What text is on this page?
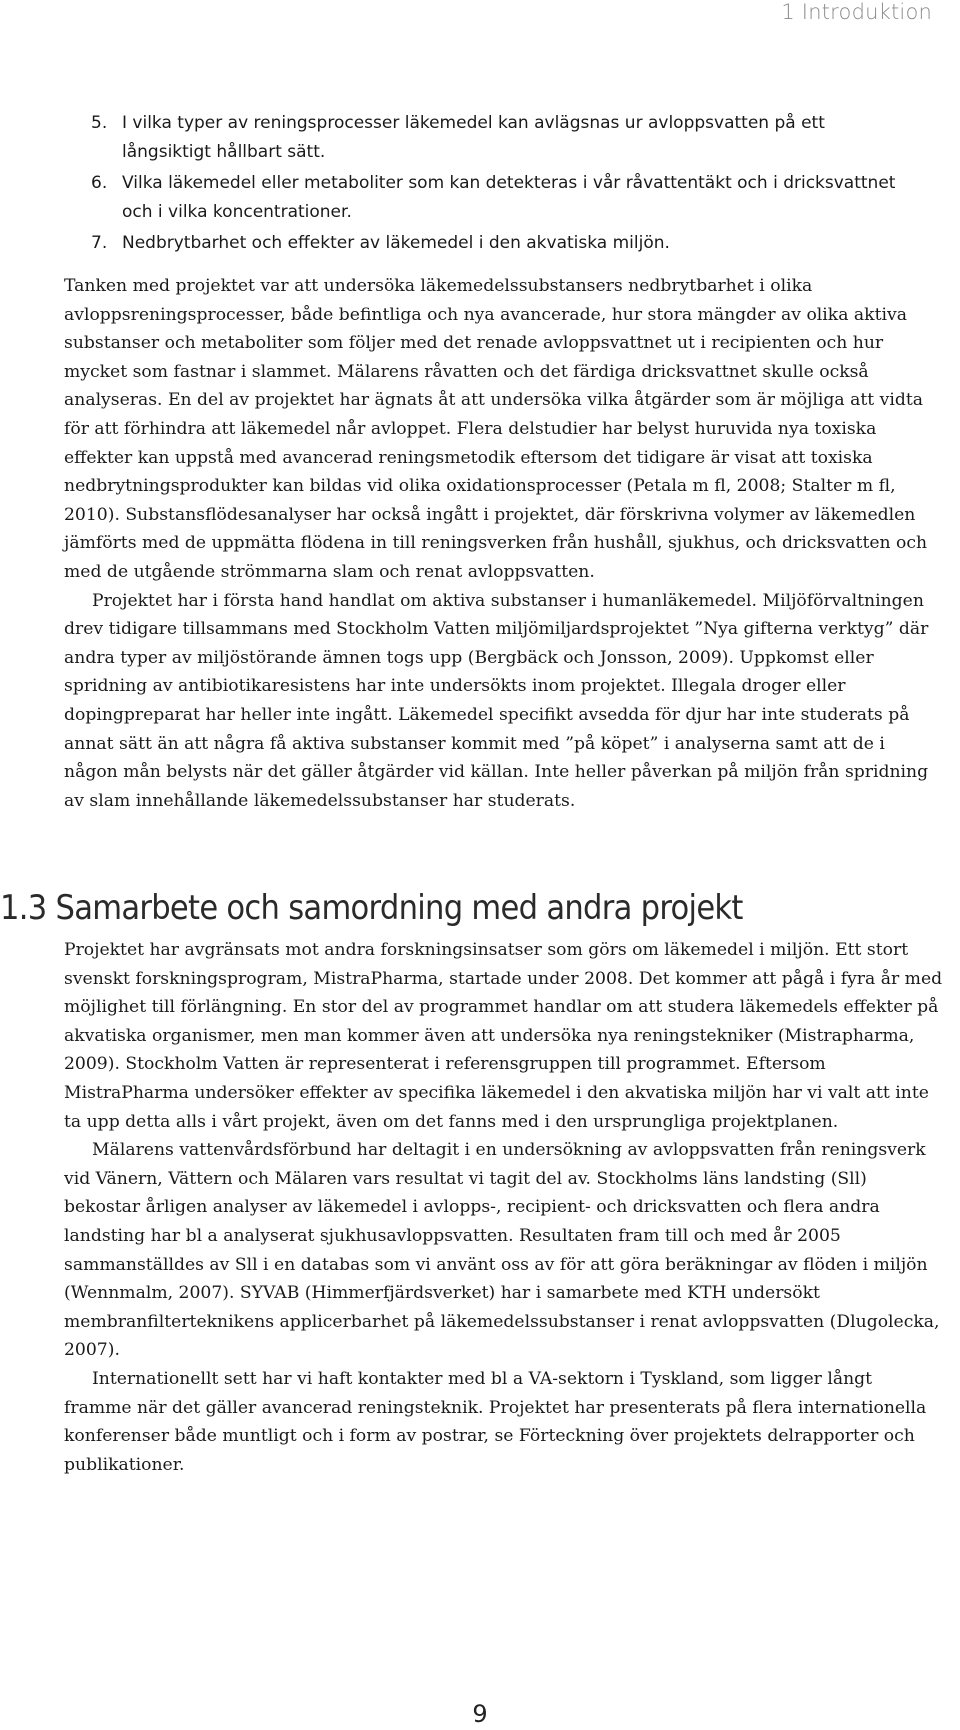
1 Introduktion
5. I vilka typer av reningsprocesser läkemedel kan avlägsnas ur avloppsvatten på ett långsiktigt hållbart sätt.
6. Vilka läkemedel eller metaboliter som kan detekteras i vår råvattentäkt och i dricksvattnet och i vilka koncentrationer.
7. Nedbrytbarhet och effekter av läkemedel i den akvatiska miljön.

Tanken med projektet var att undersöka läkemedelssubstansers nedbrytbarhet i olika avloppsreningsprocesser, både befintliga och nya avancerade, hur stora mängder av olika aktiva substanser och metaboliter som följer med det renade avloppsvattnet ut i recipienten och hur mycket som fastnar i slammet. Mälarens råvatten och det färdiga dricksvattnet skulle också analyseras. En del av projektet har ägnats åt att undersöka vilka åtgärder som är möjliga att vidta för att förhindra att läkemedel når avloppet. Flera delstudier har belyst huruvida nya toxiska effekter kan uppstå med avancerad reningsmetodik eftersom det tidigare är visat att toxiska nedbrytningsprodukter kan bildas vid olika oxidationsprocesser (Petala m fl, 2008; Stalter m fl, 2010). Substansflödesanalyser har också ingått i projektet, där förskrivna volymer av läkemedlen jämförts med de uppmätta flödena in till reningsverken från hushåll, sjukhus, och dricksvatten och med de utgående strömmarna slam och renat avloppsvatten.

Projektet har i första hand handlat om aktiva substanser i humanläkemedel. Miljöförvaltningen drev tidigare tillsammans med Stockholm Vatten miljömiljardsprojektet ”Nya gifterna verktyg” där andra typer av miljöstörande ämnen togs upp (Bergbäck och Jonsson, 2009). Uppkomst eller spridning av antibiotikaresistens har inte undersökts inom projektet. Illegala droger eller dopingpreparat har heller inte ingått. Läkemedel specifikt avsedda för djur har inte studerats på annat sätt än att några få aktiva substanser kommit med ”på köpet” i analyserna samt att de i någon mån belysts när det gäller åtgärder vid källan. Inte heller påverkan på miljön från spridning av slam innehållande läkemedelssubstanser har studerats.

1.3 Samarbete och samordning med andra projekt

Projektet har avgränsats mot andra forskningsinsatser som görs om läkemedel i miljön. Ett stort svenskt forskningsprogram, MistraPharma, startade under 2008. Det kommer att pågå i fyra år med möjlighet till förlängning. En stor del av programmet handlar om att studera läkemedels effekter på akvatiska organismer, men man kommer även att undersöka nya reningstekniker (Mistrapharma, 2009). Stockholm Vatten är representerat i referensgruppen till programmet. Eftersom MistraPharma undersöker effekter av specifika läkemedel i den akvatiska miljön har vi valt att inte ta upp detta alls i vårt projekt, även om det fanns med i den ursprungliga projektplanen.

Mälarens vattenvårdsförbund har deltagit i en undersökning av avloppsvatten från reningsverk vid Vänern, Vättern och Mälaren vars resultat vi tagit del av. Stockholms läns landsting (Sll) bekostar årligen analyser av läkemedel i avlopps-, recipient- och dricksvatten och flera andra landsting har bl a analyserat sjukhusavloppsvatten. Resultaten fram till och med år 2005 sammanställdes av Sll i en databas som vi använt oss av för att göra beräkningar av flöden i miljön (Wennmalm, 2007). SYVAB (Himmerfjärdsverket) har i samarbete med KTH undersökt membranfilterteknikens applicerbarhet på läkemedelssubstanser i renat avloppsvatten (Dlugolecka, 2007).

Internationellt sett har vi haft kontakter med bl a VA-sektorn i Tyskland, som ligger långt framme när det gäller avancerad reningsteknik. Projektet har presenterats på flera internationella konferenser både muntligt och i form av postrar, se Förteckning över projektets delrapporter och publikationer.

9
